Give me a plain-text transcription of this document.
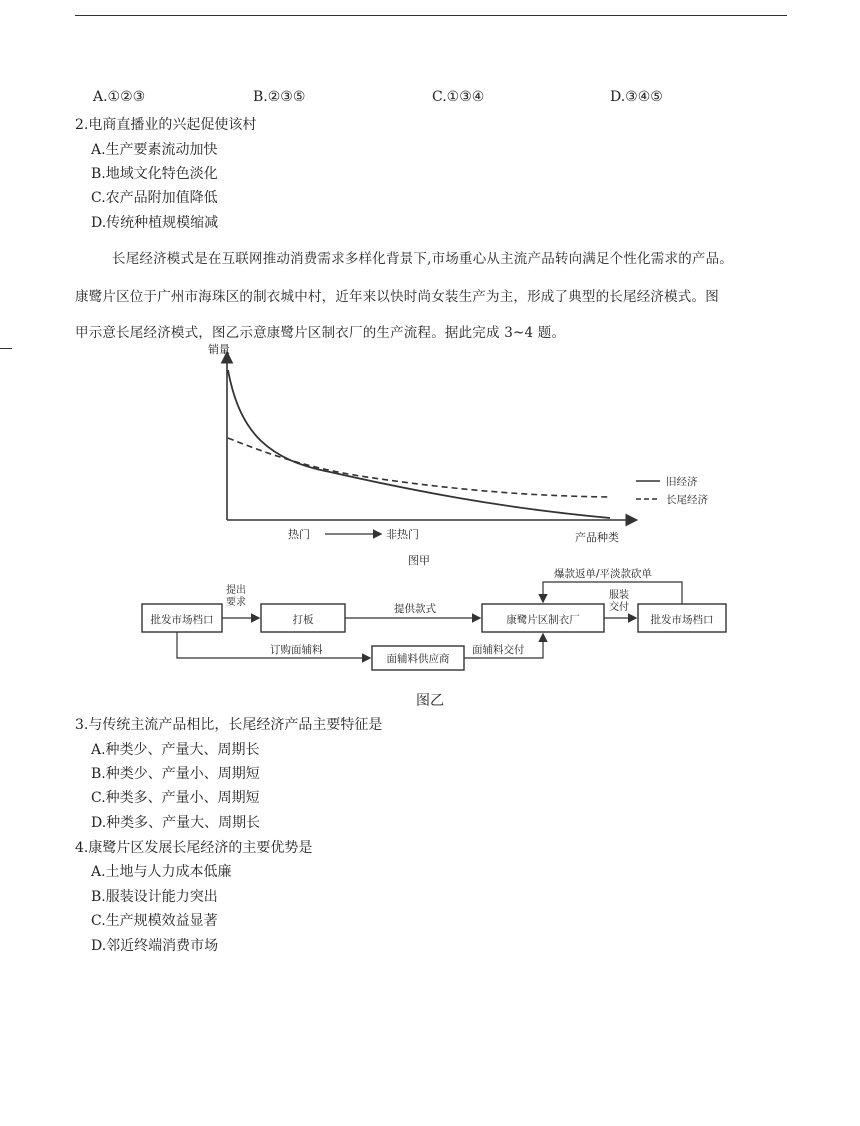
A.①②③	B.②③⑤	C.①③④	D.③④⑤
2.电商直播业的兴起促使该村
A.生产要素流动加快
B.地域文化特色淡化
C.农产品附加值降低
D.传统种植规模缩减
长尾经济模式是在互联网推动消费需求多样化背景下,市场重心从主流产品转向满足个性化需求的产品。
康鹭片区位于广州市海珠区的制衣城中村，近年来以快时尚女装生产为主，形成了典型的长尾经济模式。图
甲示意长尾经济模式，图乙示意康鹭片区制衣厂的生产流程。据此完成 3~4 题。
销量
产品种类
热门	非热门
旧经济
长尾经济
图甲
批发市场档口	打板	康鹭片区制衣厂	批发市场档口
面辅料供应商
提出
要求
提供款式
订购面辅料	面辅料交付
服装
交付
爆款返单/平淡款砍单
图乙
3.与传统主流产品相比，长尾经济产品主要特征是
A.种类少、产量大、周期长
B.种类少、产量小、周期短
C.种类多、产量小、周期短
D.种类多、产量大、周期长
4.康鹭片区发展长尾经济的主要优势是
A.土地与人力成本低廉
B.服装设计能力突出
C.生产规模效益显著
D.邻近终端消费市场
